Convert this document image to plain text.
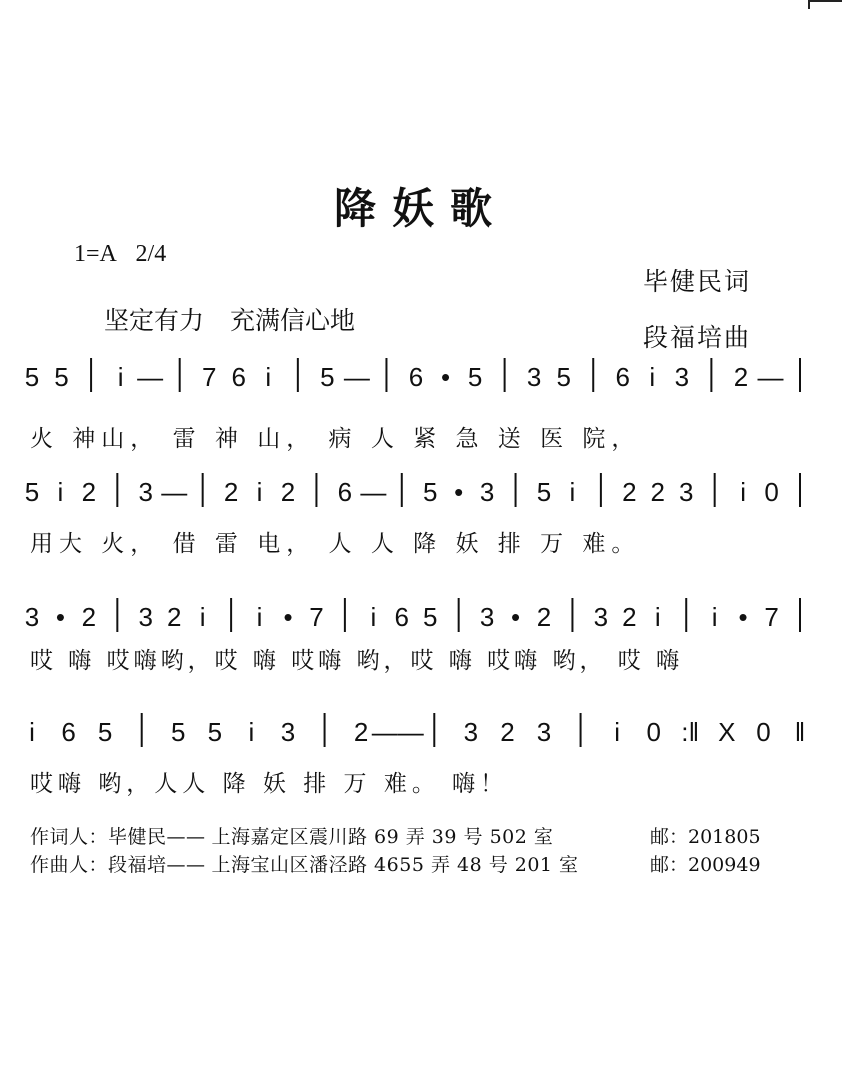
降妖歌
1=A 2/4
毕健民词
段福培曲
坚定有力 充满信心地
5 5 i — 7 6 i 5 — 6 • 5 3 5 6 i 3 2 —
火 神山， 雷 神 山， 病 人 紧 急 送 医 院，
5 i 2 3 — 2 i 2 6 — 5 • 3 5 i 2 2 3 i 0
用大 火， 借 雷 电， 人 人 降 妖 排 万 难。
3 • 2 3 2 i i • 7 i 6 5 3 • 2 3 2 i i • 7
哎 嗨 哎嗨哟，哎 嗨 哎嗨 哟，哎 嗨 哎嗨 哟， 哎 嗨
i 6 5 5 5 i 3 2 —— 3 2 3 i 0 :‖ X 0 ‖
哎嗨 哟，人人 降 妖 排 万 难。 嗨！
作词人：毕健民—— 上海嘉定区震川路 69 弄 39 号 502 室	邮：201805
作曲人：段福培—— 上海宝山区潘泾路 4655 弄 48 号 201 室	邮：200949
